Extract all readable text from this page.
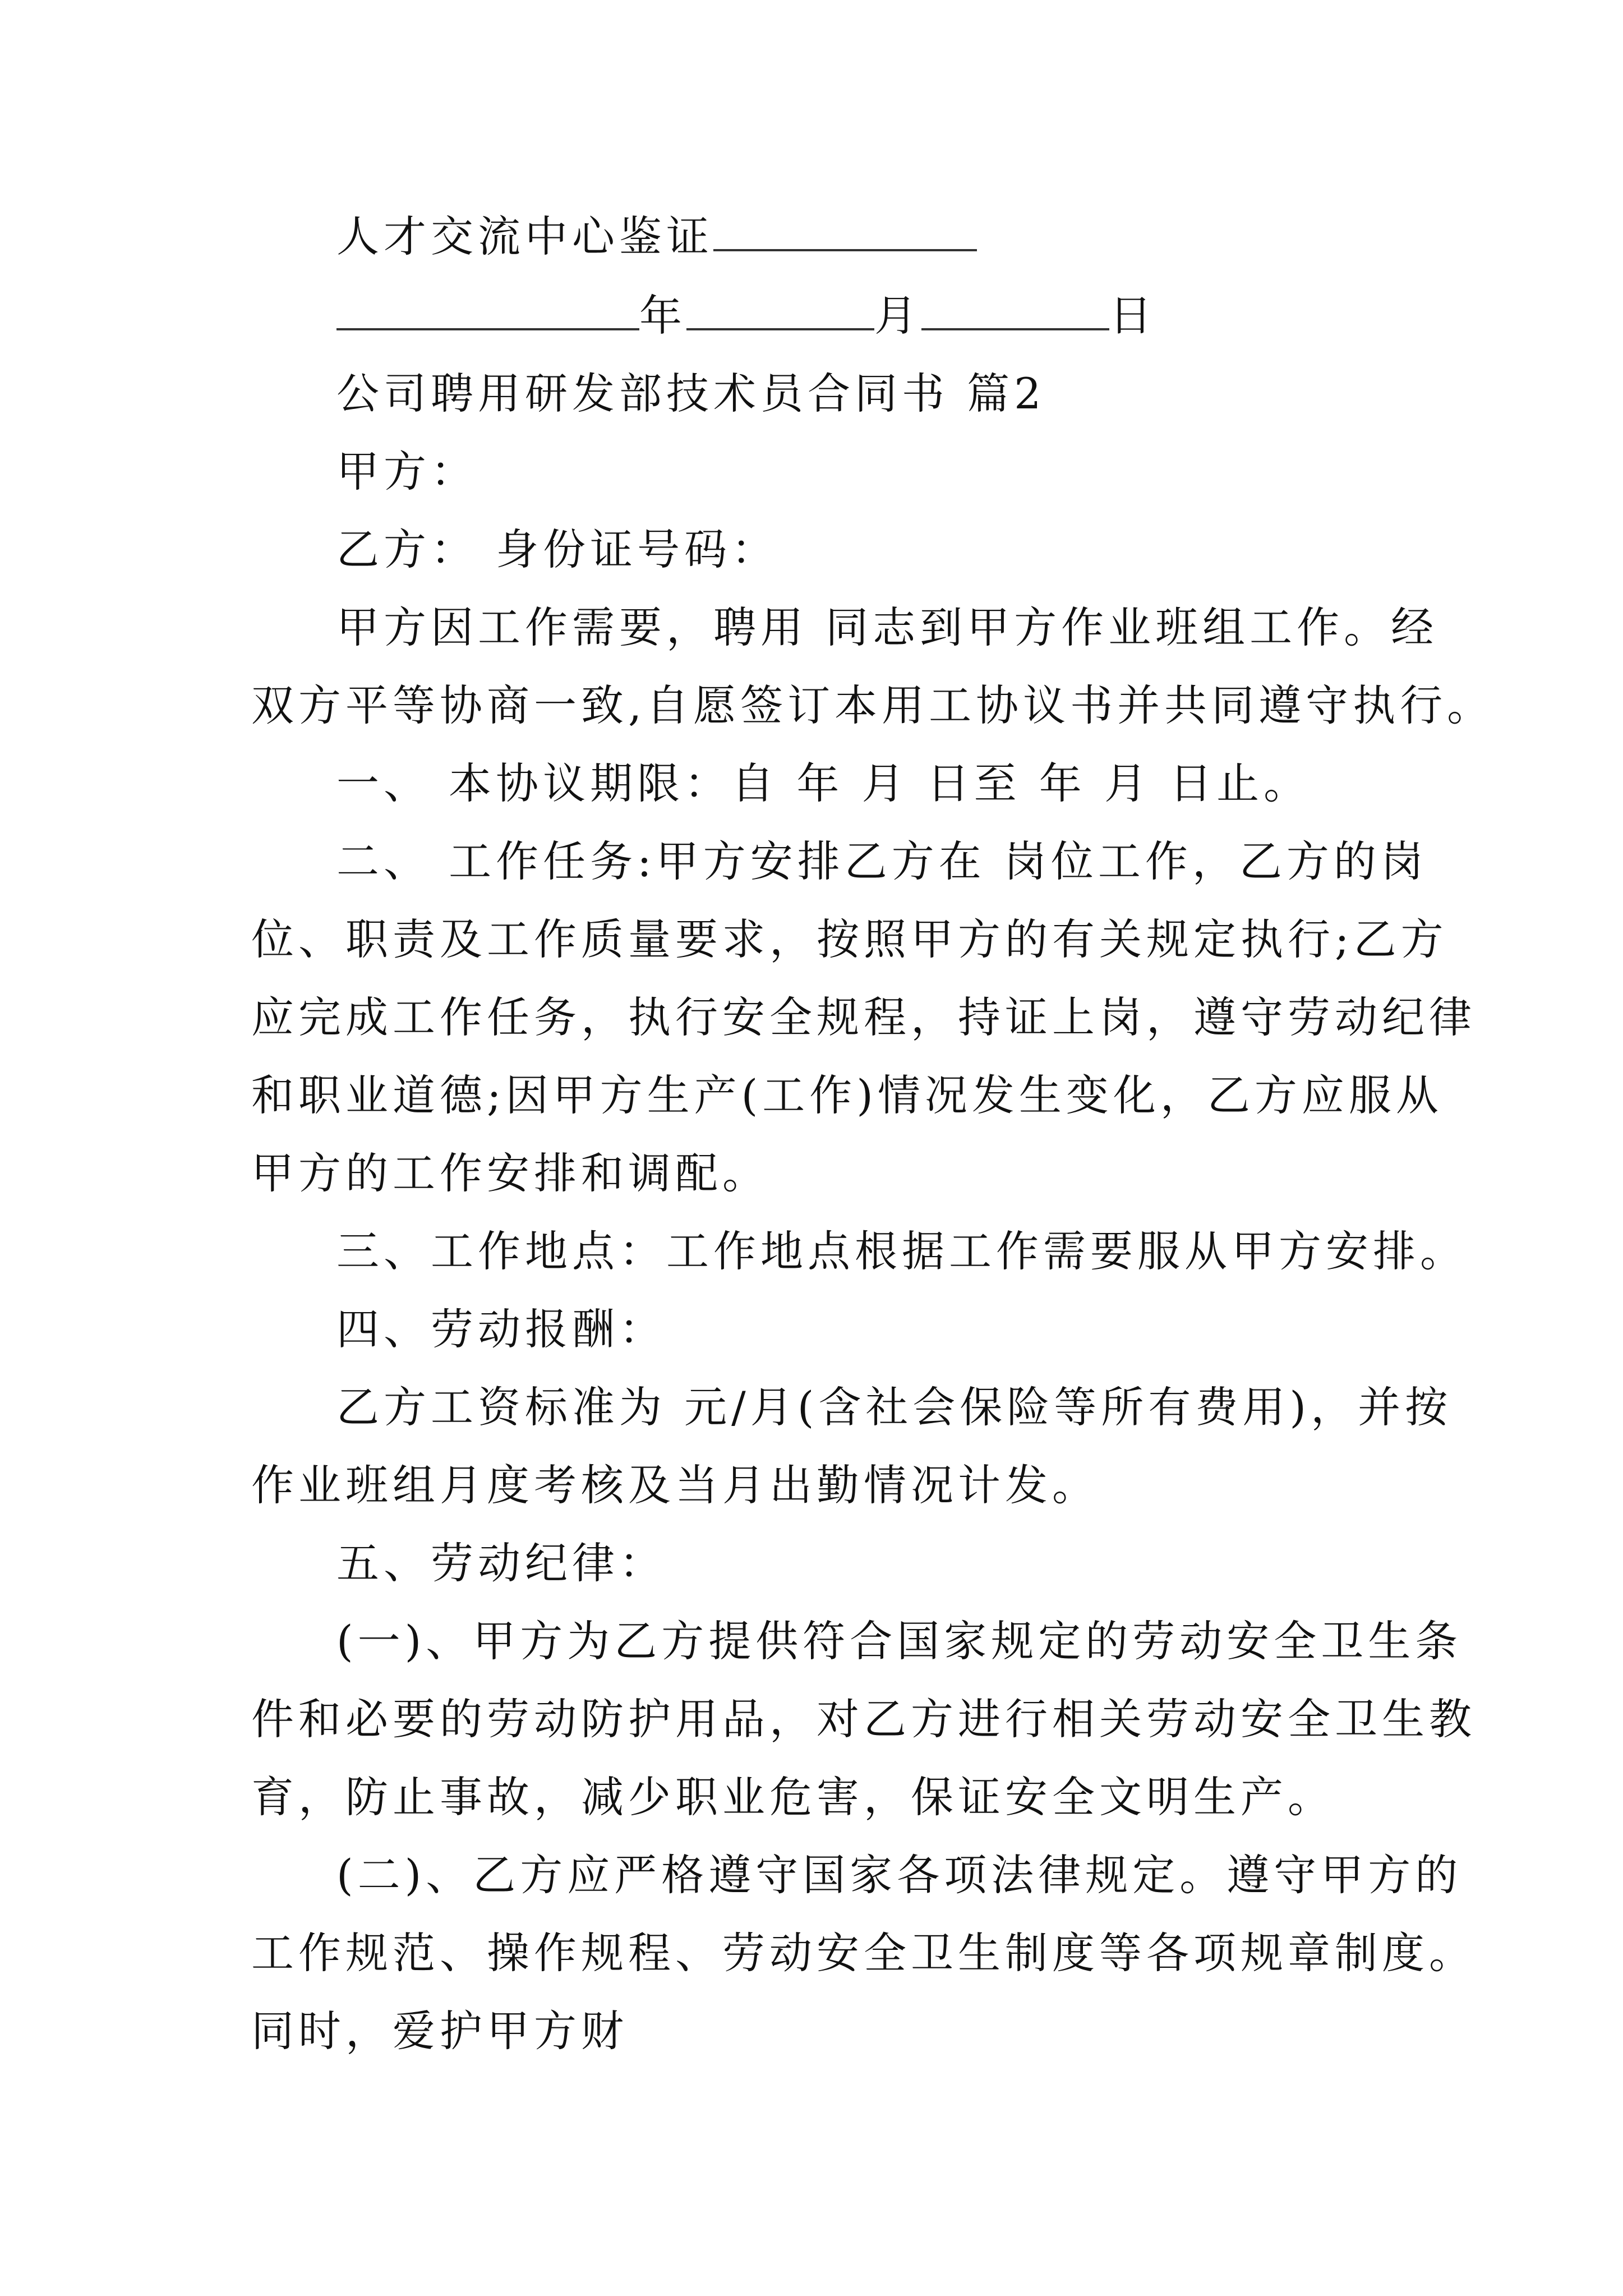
人才交流中心鉴证
年	月	日
公司聘用研发部技术员合同书 篇2
甲方：
乙方： 身份证号码：
甲方因工作需要，聘用 同志到甲方作业班组工作。经
双方平等协商一致,自愿签订本用工协议书并共同遵守执行。
一、 本协议期限：自 年 月 日至 年 月 日止。
二、 工作任务:甲方安排乙方在 岗位工作，乙方的岗
位、职责及工作质量要求，按照甲方的有关规定执行;乙方
应完成工作任务，执行安全规程，持证上岗，遵守劳动纪律
和职业道德;因甲方生产(工作)情况发生变化，乙方应服从
甲方的工作安排和调配。
三、工作地点：工作地点根据工作需要服从甲方安排。
四、劳动报酬：
乙方工资标准为 元/月(含社会保险等所有费用)，并按
作业班组月度考核及当月出勤情况计发。
五、劳动纪律：
(一)、甲方为乙方提供符合国家规定的劳动安全卫生条
件和必要的劳动防护用品，对乙方进行相关劳动安全卫生教
育，防止事故，减少职业危害，保证安全文明生产。
(二)、乙方应严格遵守国家各项法律规定。遵守甲方的
工作规范、操作规程、劳动安全卫生制度等各项规章制度。
同时，爱护甲方财
